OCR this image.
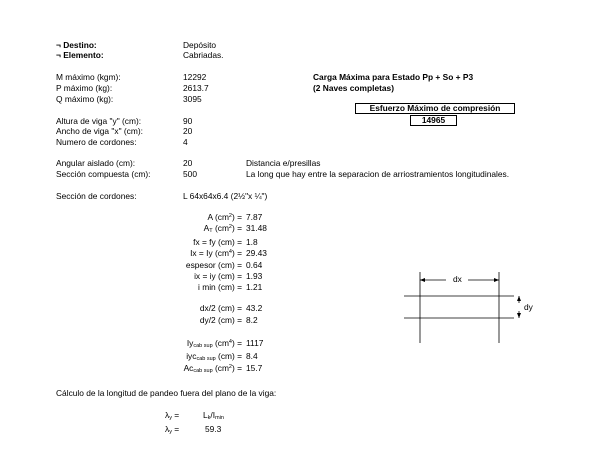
¬ Destino:	Depósito
¬ Elemento:	Cabriadas.
M máximo (kgm):	12292
P máximo (kg):	2613.7
Q máximo (kg):	3095
Carga Máxima para Estado Pp + So + P3
(2 Naves completas)
Esfuerzo Máximo de compresión
14965
Altura de viga "y" (cm):	90
Ancho de viga "x" (cm):	20
Numero de cordones:	4
Angular aislado (cm):	20	Distancia e/presillas
Sección compuesta (cm):	500	La long que hay entre la separacion de arriostramientos longitudinales.
Sección de cordones:	L 64x64x6.4 (2½"x ¼")
A $(cm^2) = 7.87$
$A_T$ $(cm^2) = 31.48$
fx = fy (cm) = 1.8
Ix = Iy $(cm^4) = 29.43$
espesor (cm) = 0.64
ix = iy (cm) = 1.93
i min (cm) = 1.21
dx/2 (cm) = 43.2
dy/2 (cm) = 8.2
$Iy_{cab sup}$ $(cm^4) = 1117$
iyc$_{cab sup}$ (cm) = 8.4
$Ac_{cab sup}$ $(cm^2) = 15.7$
Cálculo de la longitud de pandeo fuera del plano de la viga:
$\lambda_y$ =	$L_k/I_{min}$
$\lambda_y$ =	59.3
dx
dy
